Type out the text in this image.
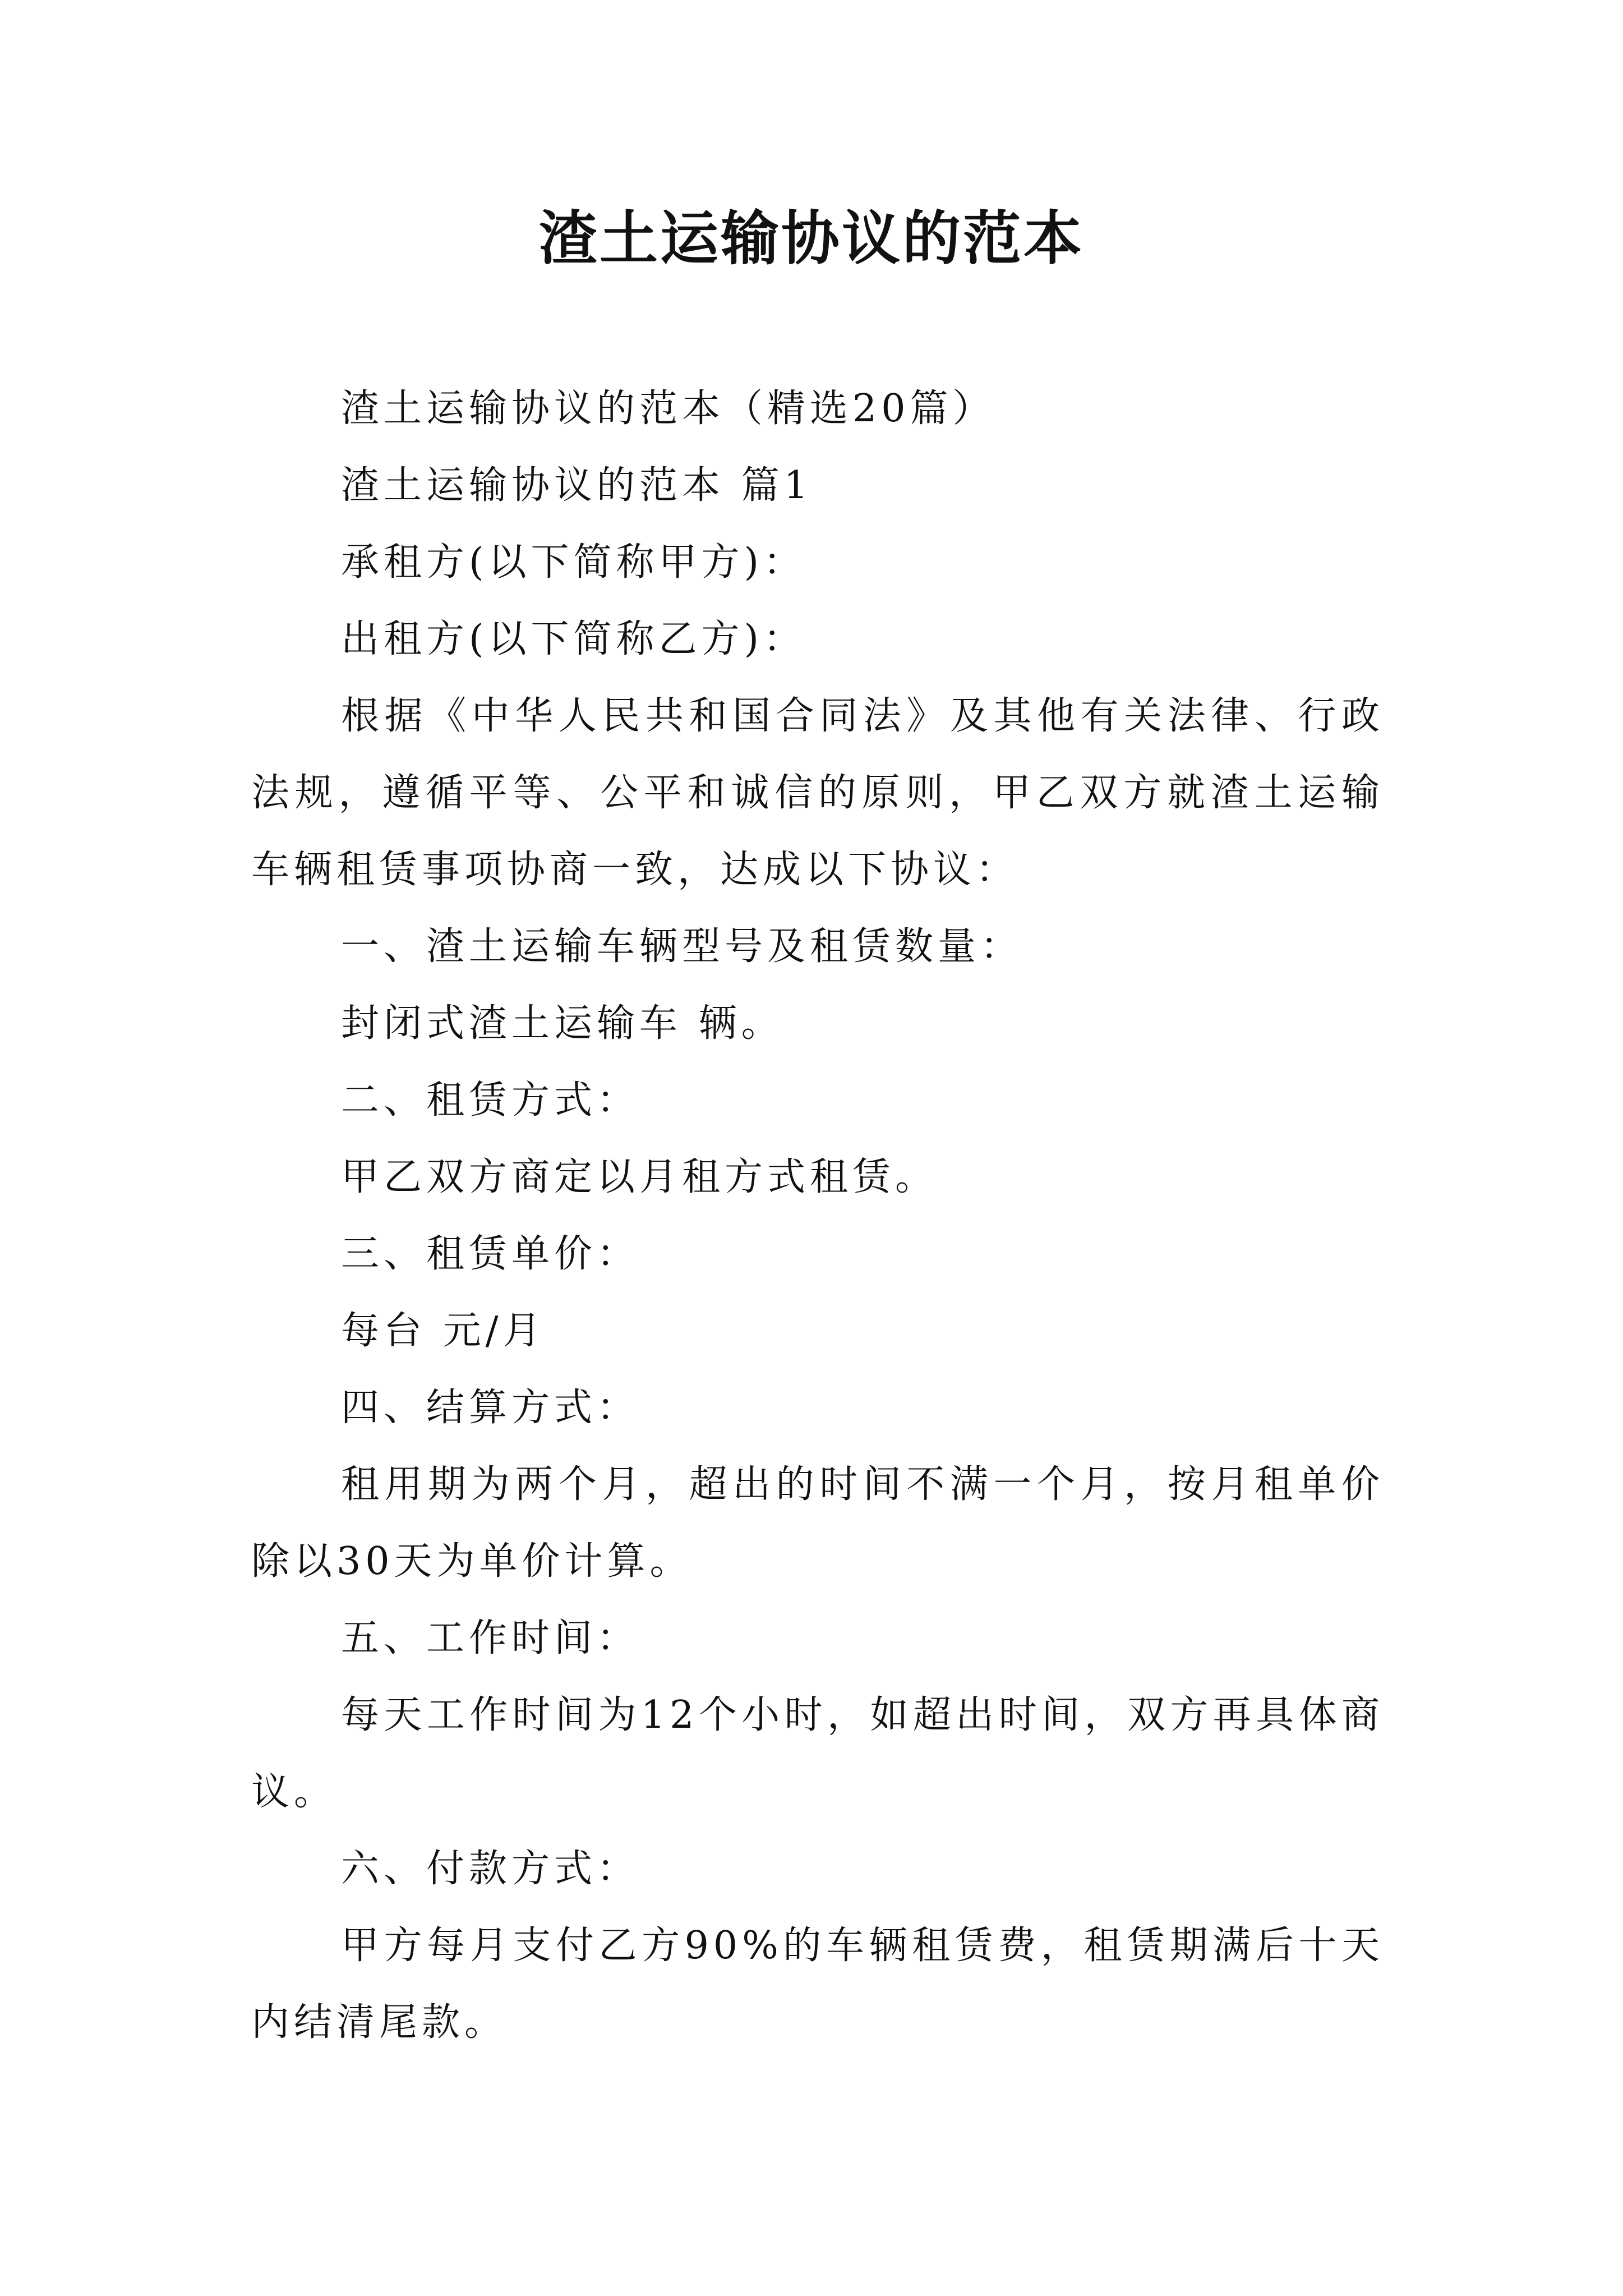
渣土运输协议的范本

渣土运输协议的范本（精选20篇）

渣土运输协议的范本 篇1

承租方(以下简称甲方)：

出租方(以下简称乙方)：

根据《中华人民共和国合同法》及其他有关法律、行政法规，遵循平等、公平和诚信的原则，甲乙双方就渣土运输车辆租赁事项协商一致，达成以下协议：

一、渣土运输车辆型号及租赁数量：

封闭式渣土运输车 辆。

二、租赁方式：

甲乙双方商定以月租方式租赁。

三、租赁单价：

每台 元/月

四、结算方式：

租用期为两个月，超出的时间不满一个月，按月租单价除以30天为单价计算。

五、工作时间：

每天工作时间为12个小时，如超出时间，双方再具体商议。

六、付款方式：

甲方每月支付乙方90%的车辆租赁费，租赁期满后十天内结清尾款。
